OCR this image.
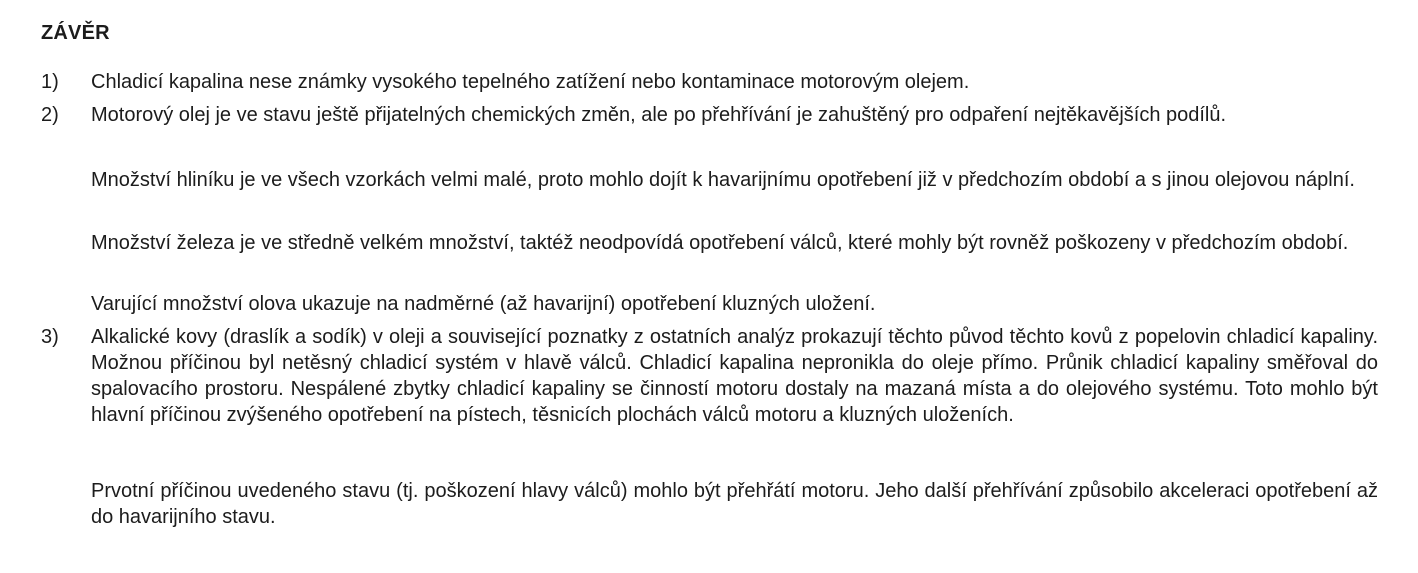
ZÁVĚR
1) Chladicí kapalina nese známky vysokého tepelného zatížení nebo kontaminace motorovým olejem.
2) Motorový olej je ve stavu ještě přijatelných chemických změn, ale po přehřívání je zahuštěný pro odpaření nejtěkavějších podílů.
Množství hliníku je ve všech vzorkách velmi malé, proto mohlo dojít k havarijnímu opotřebení již v předchozím období a s jinou olejovou náplní.
Množství železa je ve středně velkém množství, taktéž neodpovídá opotřebení válců, které mohly být rovněž poškozeny v předchozím období.
Varující množství olova ukazuje na nadměrné (až havarijní) opotřebení kluzných uložení.
3) Alkalické kovy (draslík a sodík) v oleji a související poznatky z ostatních analýz prokazují těchto původ těchto kovů z popelovin chladicí kapaliny. Možnou příčinou byl netěsný chladicí systém v hlavě válců. Chladicí kapalina nepronikla do oleje přímo. Průnik chladicí kapaliny směřoval do spalovacího prostoru. Nespálené zbytky chladicí kapaliny se činností motoru dostaly na mazaná místa a do olejového systému. Toto mohlo být hlavní příčinou zvýšeného opotřebení na pístech, těsnicích plochách válců motoru a kluzných uloženích.
Prvotní příčinou uvedeného stavu (tj. poškození hlavy válců) mohlo být přehřátí motoru. Jeho další přehřívání způsobilo akceleraci opotřebení až do havarijního stavu.
